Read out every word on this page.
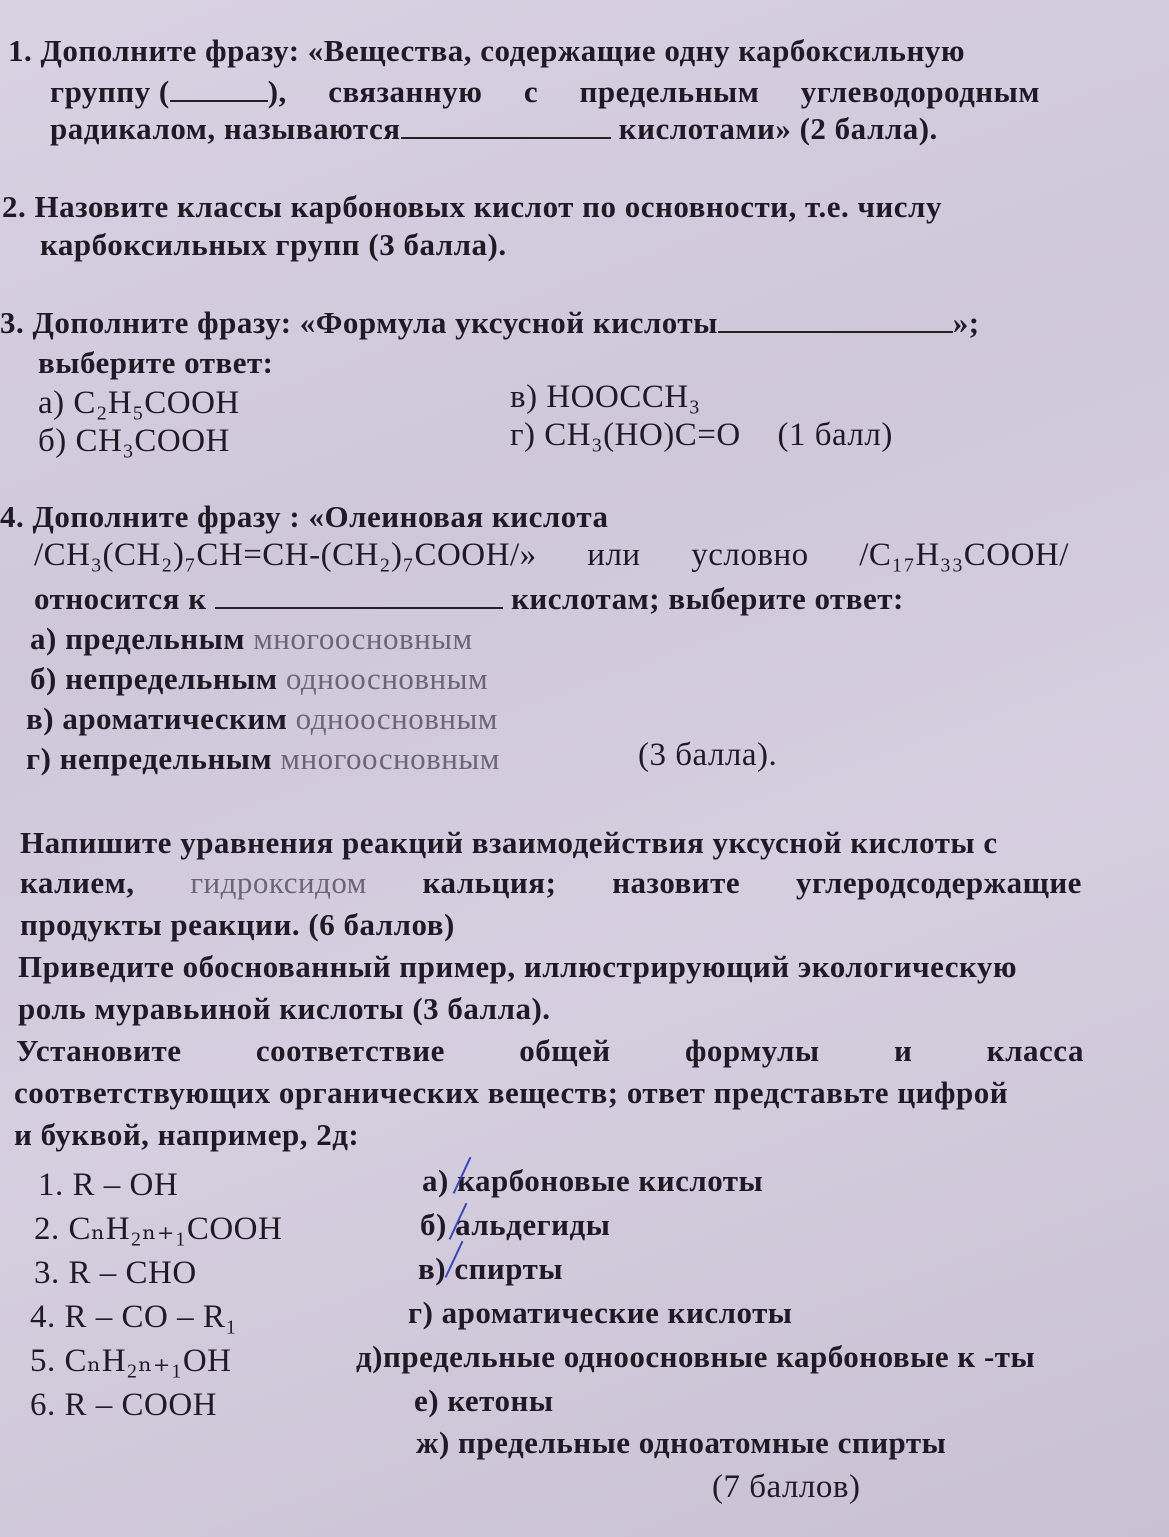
1. Дополните фразу: «Вещества, содержащие одну карбоксильную
группу (	), связанную с предельным углеводородным
радикалом, называются	кислотами» (2 балла).
2. Назовите классы карбоновых кислот по основности, т.е. числу
карбоксильных групп (3 балла).
3. Дополните фразу: «Формула уксусной кислоты	»;
выберите ответ:
а) C₂H₅COOH
б) CH₃COOH
в) HOOCCH₃
г) CH₃(HO)C=O (1 балл)
4. Дополните фразу : «Олеиновая кислота
/CH₃(CH₂)₇CH=CH-(CH₂)₇COOH/» или условно /C₁₇H₃₃COOH/
относится к	кислотам; выберите ответ:
а) предельным многоосновным
б) непредельным одноосновным
в) ароматическим одноосновным
г) непредельным многоосновным	(3 балла).
Напишите уравнения реакций взаимодействия уксусной кислоты с
калием, гидроксидом кальция; назовите углеродсодержащие
продукты реакции. (6 баллов)
Приведите обоснованный пример, иллюстрирующий экологическую
роль муравьиной кислоты (3 балла).
Установите соответствие общей формулы и класса
соответствующих органических веществ; ответ представьте цифрой
и буквой, например, 2д:
1. R – OH
2. CₙH₂ₙ₊₁COOH
3. R – CHO
4. R – CO – R₁
5. CₙH₂ₙ₊₁OH
6. R – COOH
а) карбоновые кислоты
б) альдегиды
в) спирты
г) ароматические кислоты
д)предельные одноосновные карбоновые к -ты
е) кетоны
ж) предельные одноатомные спирты
(7 баллов)
